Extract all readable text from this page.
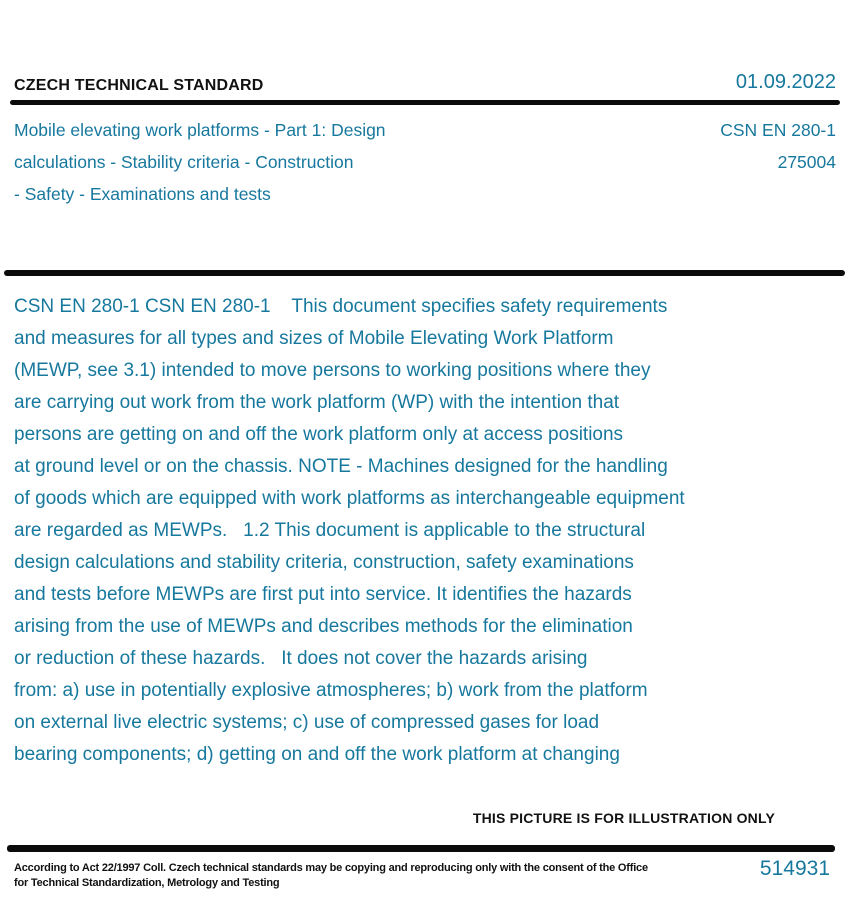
CZECH TECHNICAL STANDARD	01.09.2022
Mobile elevating work platforms - Part 1: Design
calculations - Stability criteria - Construction
- Safety - Examinations and tests
CSN EN 280-1
275004
CSN EN 280-1 CSN EN 280-1    This document specifies safety requirements
and measures for all types and sizes of Mobile Elevating Work Platform
(MEWP, see 3.1) intended to move persons to working positions where they
are carrying out work from the work platform (WP) with the intention that
persons are getting on and off the work platform only at access positions
at ground level or on the chassis. NOTE - Machines designed for the handling
of goods which are equipped with work platforms as interchangeable equipment
are regarded as MEWPs.   1.2 This document is applicable to the structural
design calculations and stability criteria, construction, safety examinations
and tests before MEWPs are first put into service. It identifies the hazards
arising from the use of MEWPs and describes methods for the elimination
or reduction of these hazards.   It does not cover the hazards arising
from: a) use in potentially explosive atmospheres; b) work from the platform
on external live electric systems; c) use of compressed gases for load
bearing components; d) getting on and off the work platform at changing
THIS PICTURE IS FOR ILLUSTRATION ONLY
According to Act 22/1997 Coll. Czech technical standards may be copying and reproducing only with the consent of the Office
for Technical Standardization, Metrology and Testing
514931
